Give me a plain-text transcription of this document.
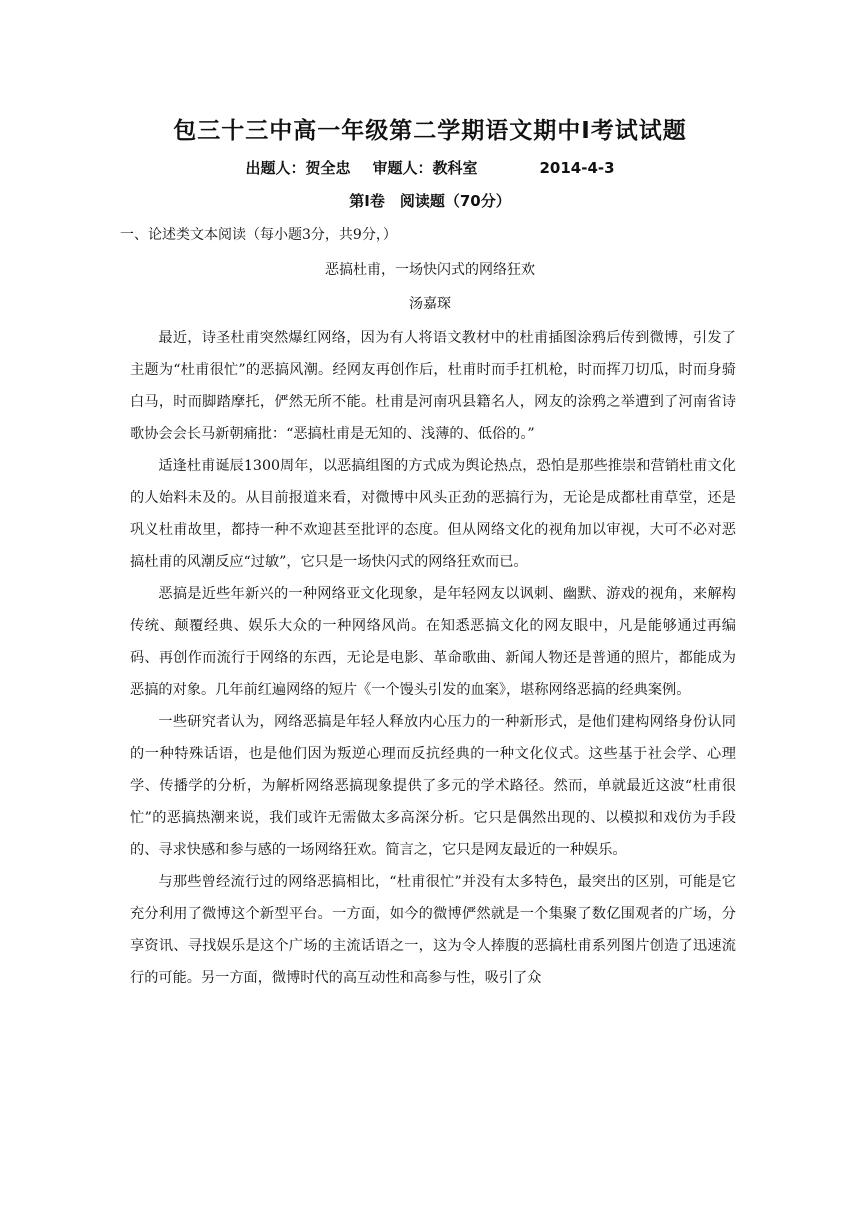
包三十三中高一年级第二学期语文期中Ⅰ考试试题
出题人：贺全忠 审题人：教科室	2014-4-3
第Ⅰ卷　阅读题（70分）
一、论述类文本阅读（每小题3分，共9分，）
恶搞杜甫，一场快闪式的网络狂欢
汤嘉琛

最近，诗圣杜甫突然爆红网络，因为有人将语文教材中的杜甫插图涂鸦后传到微博，引发了主题为“杜甫很忙”的恶搞风潮。经网友再创作后，杜甫时而手扛机枪，时而挥刀切瓜，时而身骑白马，时而脚踏摩托，俨然无所不能。杜甫是河南巩县籍名人，网友的涂鸦之举遭到了河南省诗歌协会会长马新朝痛批：“恶搞杜甫是无知的、浅薄的、低俗的。”

适逢杜甫诞辰1300周年，以恶搞组图的方式成为舆论热点，恐怕是那些推崇和营销杜甫文化的人始料未及的。从目前报道来看，对微博中风头正劲的恶搞行为，无论是成都杜甫草堂，还是巩义杜甫故里，都持一种不欢迎甚至批评的态度。但从网络文化的视角加以审视，大可不必对恶搞杜甫的风潮反应“过敏”，它只是一场快闪式的网络狂欢而已。

恶搞是近些年新兴的一种网络亚文化现象，是年轻网友以讽刺、幽默、游戏的视角，来解构传统、颠覆经典、娱乐大众的一种网络风尚。在知悉恶搞文化的网友眼中，凡是能够通过再编码、再创作而流行于网络的东西，无论是电影、革命歌曲、新闻人物还是普通的照片，都能成为恶搞的对象。几年前红遍网络的短片《一个馒头引发的血案》，堪称网络恶搞的经典案例。

一些研究者认为，网络恶搞是年轻人释放内心压力的一种新形式，是他们建构网络身份认同的一种特殊话语，也是他们因为叛逆心理而反抗经典的一种文化仪式。这些基于社会学、心理学、传播学的分析，为解析网络恶搞现象提供了多元的学术路径。然而，单就最近这波“杜甫很忙”的恶搞热潮来说，我们或许无需做太多高深分析。它只是偶然出现的、以模拟和戏仿为手段的、寻求快感和参与感的一场网络狂欢。简言之，它只是网友最近的一种娱乐。

与那些曾经流行过的网络恶搞相比，“杜甫很忙”并没有太多特色，最突出的区别，可能是它充分利用了微博这个新型平台。一方面，如今的微博俨然就是一个集聚了数亿围观者的广场，分享资讯、寻找娱乐是这个广场的主流话语之一，这为令人捧腹的恶搞杜甫系列图片创造了迅速流行的可能。另一方面，微博时代的高互动性和高参与性，吸引了众
